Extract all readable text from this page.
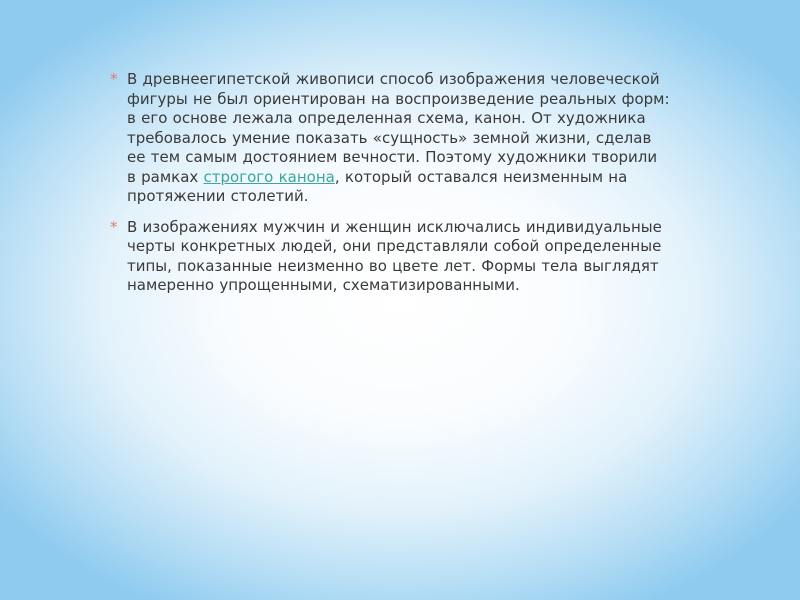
* В древнеегипетской живописи способ изображения человеческой фигуры не был ориентирован на воспроизведение реальных форм: в его основе лежала определенная схема, канон. От художника требовалось умение показать «сущность» земной жизни, сделав ее тем самым достоянием вечности. Поэтому художники творили в рамках строгого канона, который оставался неизменным на протяжении столетий.

* В изображениях мужчин и женщин исключались индивидуальные черты конкретных людей, они представляли собой определенные типы, показанные неизменно во цвете лет. Формы тела выглядят намеренно упрощенными, схематизированными.
